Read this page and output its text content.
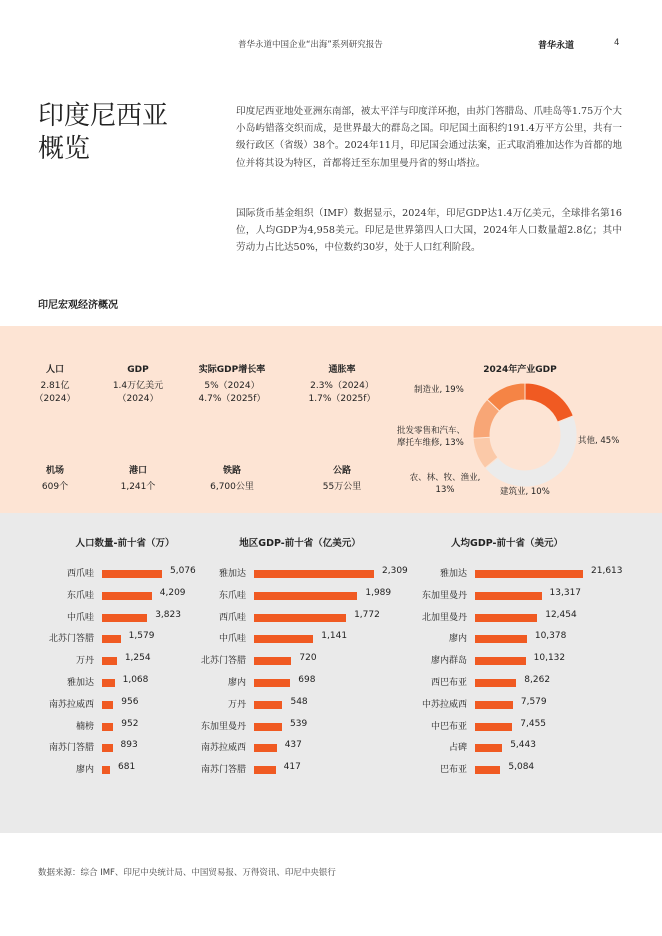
普华永道中国企业“出海”系列研究报告	普华永道	4
印度尼西亚
概览

印度尼西亚地处亚洲东南部，被太平洋与印度洋环抱，由苏门答腊岛、爪哇岛等1.75万个大小岛屿错落交织而成，是世界最大的群岛之国。印尼国土面积约191.4万平方公里，共有一级行政区（省级）38个。2024年11月，印尼国会通过法案，正式取消雅加达作为首都的地位并将其设为特区，首都将迁至东加里曼丹省的努山塔拉。

国际货币基金组织（IMF）数据显示，2024年，印尼GDP达1.4万亿美元，全球排名第16位，人均GDP为4,958美元。印尼是世界第四人口大国，2024年人口数量超2.8亿；其中劳动力占比达50%，中位数约30岁，处于人口红利阶段。

印尼宏观经济概况
人口
2.81亿
（2024）
GDP
1.4万亿美元
（2024）
实际GDP增长率
5%（2024）
4.7%（2025f）
通胀率
2.3%（2024）
1.7%（2025f）
机场
609个
港口
1,241个
铁路
6,700公里
公路
55万公里
2024年产业GDP
制造业, 19%
其他, 45%
建筑业, 10%
农、林、牧、渔业,
13%
批发零售和汽车、
摩托车维修, 13%
人口数量-前十省（万）	地区GDP-前十省（亿美元）	人均GDP-前十省（美元）
西爪哇	5,076
东爪哇	4,209
中爪哇	3,823
北苏门答腊	1,579
万丹	1,254
雅加达	1,068
南苏拉威西	956
楠榜	952
南苏门答腊	893
廖内	681
雅加达	2,309
东爪哇	1,989
西爪哇	1,772
中爪哇	1,141
北苏门答腊	720
廖内	698
万丹	548
东加里曼丹	539
南苏拉威西	437
南苏门答腊	417
雅加达	21,613
东加里曼丹	13,317
北加里曼丹	12,454
廖内	10,378
廖内群岛	10,132
西巴布亚	8,262
中苏拉威西	7,579
中巴布亚	7,455
占碑	5,443
巴布亚	5,084
数据来源：综合 IMF、印尼中央统计局、中国贸易报、万得资讯、印尼中央银行
